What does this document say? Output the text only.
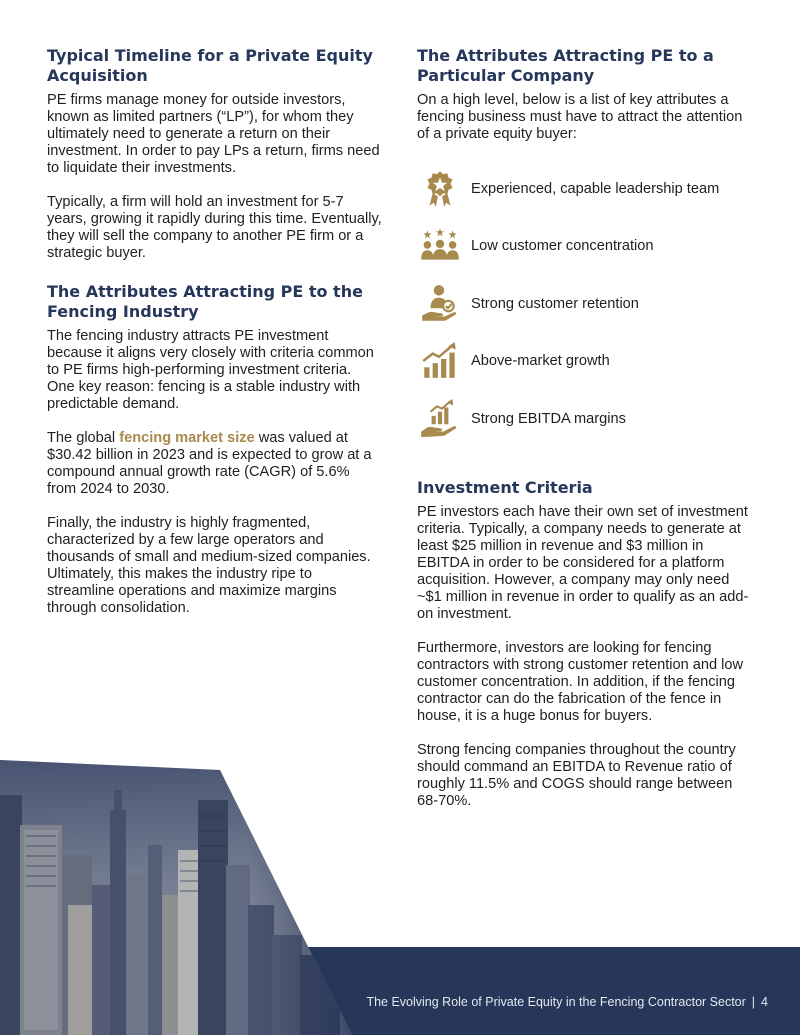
Typical Timeline for a Private Equity Acquisition

PE firms manage money for outside investors, known as limited partners (“LP”), for whom they ultimately need to generate a return on their investment. In order to pay LPs a return, firms need to liquidate their investments.

Typically, a firm will hold an investment for 5-7 years, growing it rapidly during this time. Eventually, they will sell the company to another PE firm or a strategic buyer.

The Attributes Attracting PE to the Fencing Industry

The fencing industry attracts PE investment because it aligns very closely with criteria common to PE firms high-performing investment criteria. One key reason: fencing is a stable industry with predictable demand.

The global fencing market size was valued at $30.42 billion in 2023 and is expected to grow at a compound annual growth rate (CAGR) of 5.6% from 2024 to 2030.

Finally, the industry is highly fragmented, characterized by a few large operators and thousands of small and medium-sized companies. Ultimately, this makes the industry ripe to streamline operations and maximize margins through consolidation.

The Attributes Attracting PE to a Particular Company

On a high level, below is a list of key attributes a fencing business must have to attract the attention of a private equity buyer:

Experienced, capable leadership team
Low customer concentration
Strong customer retention
Above-market growth
Strong EBITDA margins
Investment Criteria

PE investors each have their own set of investment criteria. Typically, a company needs to generate at least $25 million in revenue and $3 million in EBITDA in order to be considered for a platform acquisition. However, a company may only need ~$1 million in revenue in order to qualify as an add-on investment.

Furthermore, investors are looking for fencing contractors with strong customer retention and low customer concentration. In addition, if the fencing contractor can do the fabrication of the fence in house, it is a huge bonus for buyers.

Strong fencing companies throughout the country should command an EBITDA to Revenue ratio of roughly 11.5% and COGS should range between 68-70%.

The Evolving Role of Private Equity in the Fencing Contractor Sector | 4
